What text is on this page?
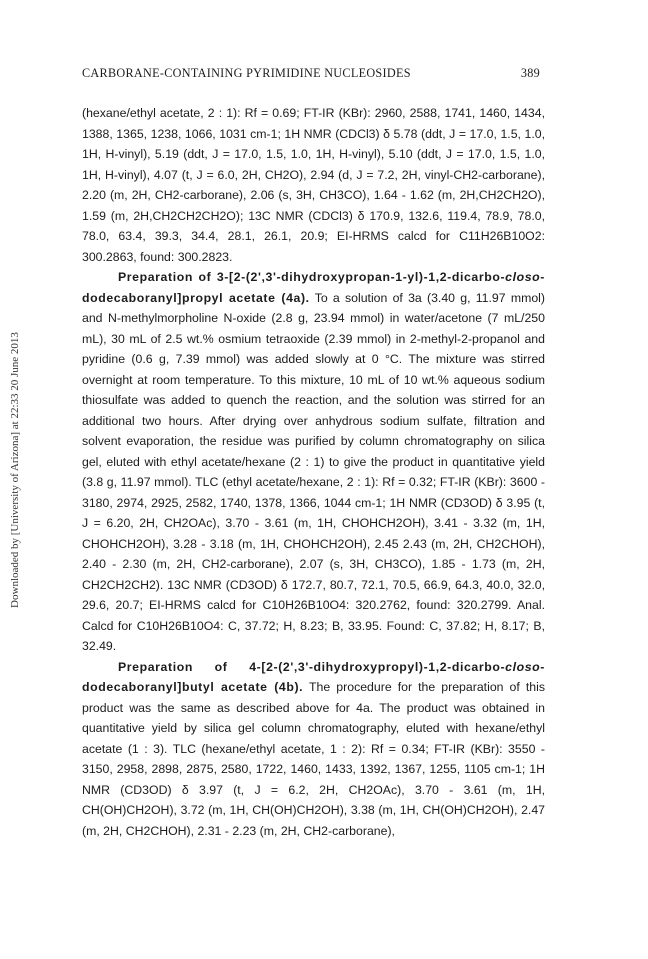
CARBORANE-CONTAINING PYRIMIDINE NUCLEOSIDES	389
Downloaded by [University of Arizona] at 22:33 20 June 2013

(hexane/ethyl acetate, 2 : 1): Rf = 0.69; FT-IR (KBr): 2960, 2588, 1741, 1460, 1434, 1388, 1365, 1238, 1066, 1031 cm-1; 1H NMR (CDCl3) δ 5.78 (ddt, J = 17.0, 1.5, 1.0, 1H, H-vinyl), 5.19 (ddt, J = 17.0, 1.5, 1.0, 1H, H-vinyl), 5.10 (ddt, J = 17.0, 1.5, 1.0, 1H, H-vinyl), 4.07 (t, J = 6.0, 2H, CH2O), 2.94 (d, J = 7.2, 2H, vinyl-CH2-carborane), 2.20 (m, 2H, CH2-carborane), 2.06 (s, 3H, CH3CO), 1.64 - 1.62 (m, 2H,CH2CH2O), 1.59 (m, 2H,CH2CH2CH2O); 13C NMR (CDCl3) δ 170.9, 132.6, 119.4, 78.9, 78.0, 78.0, 63.4, 39.3, 34.4, 28.1, 26.1, 20.9; EI-HRMS calcd for C11H26B10O2: 300.2863, found: 300.2823.

Preparation of 3-[2-(2',3'-dihydroxypropan-1-yl)-1,2-dicarbo-closo-dodecaboranyl]propyl acetate (4a). To a solution of 3a (3.40 g, 11.97 mmol) and N-methylmorpholine N-oxide (2.8 g, 23.94 mmol) in water/acetone (7 mL/250 mL), 30 mL of 2.5 wt.% osmium tetraoxide (2.39 mmol) in 2-methyl-2-propanol and pyridine (0.6 g, 7.39 mmol) was added slowly at 0 °C. The mixture was stirred overnight at room temperature. To this mixture, 10 mL of 10 wt.% aqueous sodium thiosulfate was added to quench the reaction, and the solution was stirred for an additional two hours. After drying over anhydrous sodium sulfate, filtration and solvent evaporation, the residue was purified by column chromatography on silica gel, eluted with ethyl acetate/hexane (2 : 1) to give the product in quantitative yield (3.8 g, 11.97 mmol). TLC (ethyl acetate/hexane, 2 : 1): Rf = 0.32; FT-IR (KBr): 3600 - 3180, 2974, 2925, 2582, 1740, 1378, 1366, 1044 cm-1; 1H NMR (CD3OD) δ 3.95 (t, J = 6.20, 2H, CH2OAc), 3.70 - 3.61 (m, 1H, CHOHCH2OH), 3.41 - 3.32 (m, 1H, CHOHCH2OH), 3.28 - 3.18 (m, 1H, CHOHCH2OH), 2.45 2.43 (m, 2H, CH2CHOH), 2.40 - 2.30 (m, 2H, CH2-carborane), 2.07 (s, 3H, CH3CO), 1.85 - 1.73 (m, 2H, CH2CH2CH2). 13C NMR (CD3OD) δ 172.7, 80.7, 72.1, 70.5, 66.9, 64.3, 40.0, 32.0, 29.6, 20.7; EI-HRMS calcd for C10H26B10O4: 320.2762, found: 320.2799. Anal. Calcd for C10H26B10O4: C, 37.72; H, 8.23; B, 33.95. Found: C, 37.82; H, 8.17; B, 32.49.

Preparation of 4-[2-(2',3'-dihydroxypropyl)-1,2-dicarbo-closo-dodecaboranyl]butyl acetate (4b). The procedure for the preparation of this product was the same as described above for 4a. The product was obtained in quantitative yield by silica gel column chromatography, eluted with hexane/ethyl acetate (1 : 3). TLC (hexane/ethyl acetate, 1 : 2): Rf = 0.34; FT-IR (KBr): 3550 - 3150, 2958, 2898, 2875, 2580, 1722, 1460, 1433, 1392, 1367, 1255, 1105 cm-1; 1H NMR (CD3OD) δ 3.97 (t, J = 6.2, 2H, CH2OAc), 3.70 - 3.61 (m, 1H, CH(OH)CH2OH), 3.72 (m, 1H, CH(OH)CH2OH), 3.38 (m, 1H, CH(OH)CH2OH), 2.47 (m, 2H, CH2CHOH), 2.31 - 2.23 (m, 2H, CH2-carborane),
